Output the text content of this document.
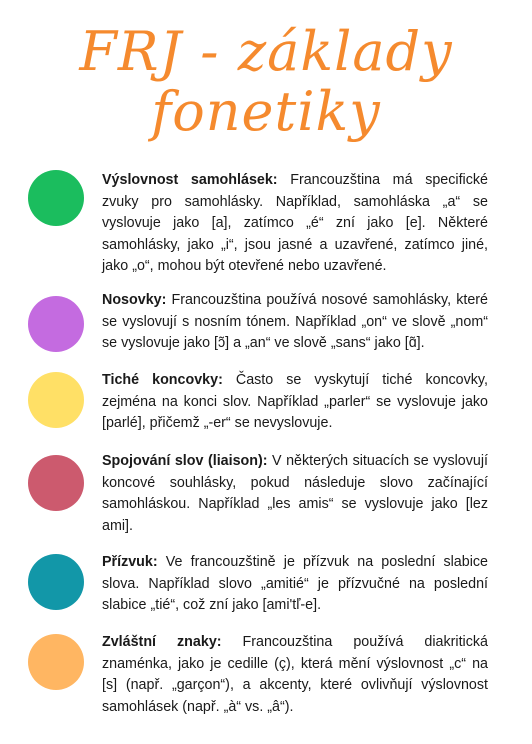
FRJ - základy
fonetiky
Výslovnost samohlásek: Francouzština má specifické zvuky pro samohlásky. Například, samohláska „a“ se vyslovuje jako [a], zatímco „é“ zní jako [e]. Některé samohlásky, jako „i“, jsou jasné a uzavřené, zatímco jiné, jako „o“, mohou být otevřené nebo uzavřené.
Nosovky: Francouzština používá nosové samohlásky, které se vyslovují s nosním tónem. Například „on“ ve slově „nom“ se vyslovuje jako [ɔ̃] a „an“ ve slově „sans“ jako [ɑ̃].
Tiché koncovky: Často se vyskytují tiché koncovky, zejména na konci slov. Například „parler“ se vyslovuje jako [parlé], přičemž „-er“ se nevyslovuje.
Spojování slov (liaison): V některých situacích se vyslovují koncové souhlásky, pokud následuje slovo začínající samohláskou. Například „les amis“ se vyslovuje jako [lez ami].
Přízvuk: Ve francouzštině je přízvuk na poslední slabice slova. Například slovo „amitié“ je přízvučné na poslední slabice „tié“, což zní jako [ami'tľ-e].
Zvláštní znaky: Francouzština používá diakritická znaménka, jako je cedille (ç), která mění výslovnost „c“ na [s] (např. „garçon“), a akcenty, které ovlivňují výslovnost samohlásek (např. „à“ vs. „â“).
